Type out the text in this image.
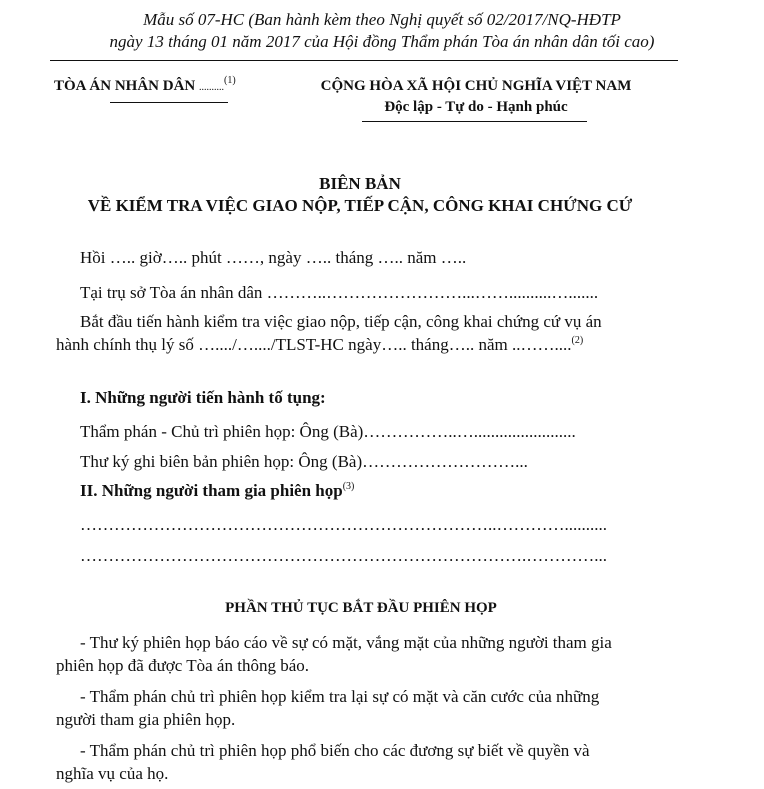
Mẫu số 07-HC (Ban hành kèm theo Nghị quyết số 02/2017/NQ-HĐTP
ngày 13 tháng 01 năm 2017 của Hội đồng Thẩm phán Tòa án nhân dân tối cao)
TÒA ÁN NHÂN DÂN ..........$^{(1)}$	CỘNG HÒA XÃ HỘI CHỦ NGHĨA VIỆT NAM
Độc lập - Tự do - Hạnh phúc
BIÊN BẢN
VỀ KIỂM TRA VIỆC GIAO NỘP, TIẾP CẬN, CÔNG KHAI CHỨNG CỨ
Hồi ….. giờ….. phút ……, ngày ….. tháng ….. năm …..
Tại trụ sở Tòa án nhân dân ………..……………………...……..........….......
Bắt đầu tiến hành kiểm tra việc giao nộp, tiếp cận, công khai chứng cứ vụ án
hành chính thụ lý số …..../…..../TLST-HC ngày….. tháng….. năm ..……....$^{(2)}$
I. Những người tiến hành tố tụng:
Thẩm phán - Chủ trì phiên họp: Ông (Bà)……………..…........................
Thư ký ghi biên bản phiên họp: Ông (Bà)………………………...
II. Những người tham gia phiên họp$^{(3)}$
………………………………………………………………..…………..........
…………………………………………………………………….…………...
PHẦN THỦ TỤC BẮT ĐẦU PHIÊN HỌP
- Thư ký phiên họp báo cáo về sự có mặt, vắng mặt của những người tham gia
phiên họp đã được Tòa án thông báo.
- Thẩm phán chủ trì phiên họp kiểm tra lại sự có mặt và căn cước của những
người tham gia phiên họp.
- Thẩm phán chủ trì phiên họp phổ biến cho các đương sự biết về quyền và
nghĩa vụ của họ.
